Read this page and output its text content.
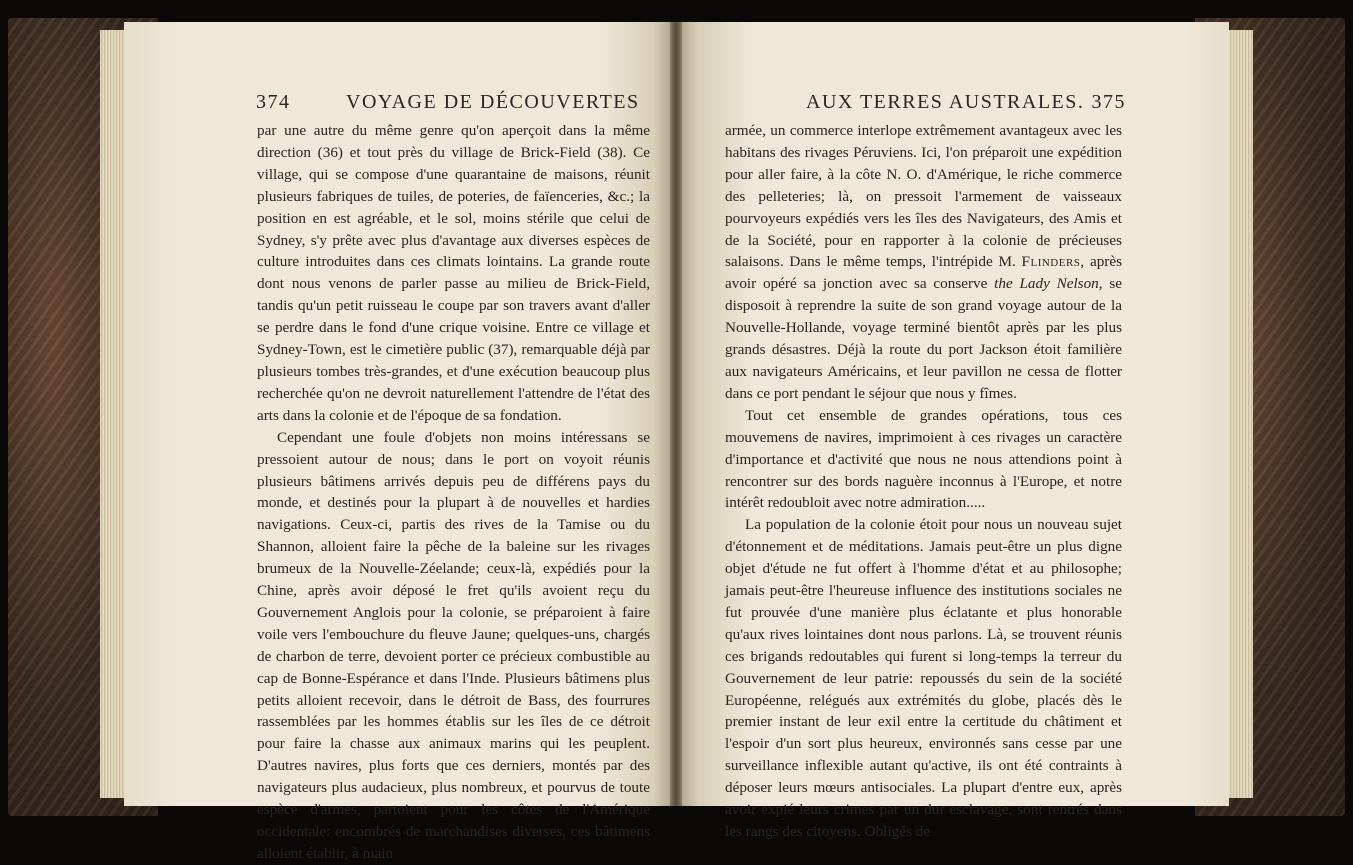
374	VOYAGE DE DÉCOUVERTES

par une autre du même genre qu'on aperçoit dans la même direction (36) et tout près du village de Brick-Field (38). Ce village, qui se compose d'une quarantaine de maisons, réunit plusieurs fabriques de tuiles, de poteries, de faïenceries, &c.; la position en est agréable, et le sol, moins stérile que celui de Sydney, s'y prête avec plus d'avantage aux diverses espèces de culture introduites dans ces climats lointains. La grande route dont nous venons de parler passe au milieu de Brick-Field, tandis qu'un petit ruisseau le coupe par son travers avant d'aller se perdre dans le fond d'une crique voisine. Entre ce village et Sydney-Town, est le cimetière public (37), remarquable déjà par plusieurs tombes très-grandes, et d'une exécution beaucoup plus recherchée qu'on ne devroit naturellement l'attendre de l'état des arts dans la colonie et de l'époque de sa fondation.

Cependant une foule d'objets non moins intéressans se pressoient autour de nous; dans le port on voyoit réunis plusieurs bâtimens arrivés depuis peu de différens pays du monde, et destinés pour la plupart à de nouvelles et hardies navigations. Ceux-ci, partis des rives de la Tamise ou du Shannon, alloient faire la pêche de la baleine sur les rivages brumeux de la Nouvelle-Zéelande; ceux-là, expédiés pour la Chine, après avoir déposé le fret qu'ils avoient reçu du Gouvernement Anglois pour la colonie, se préparoient à faire voile vers l'embouchure du fleuve Jaune; quelques-uns, chargés de charbon de terre, devoient porter ce précieux combustible au cap de Bonne-Espérance et dans l'Inde. Plusieurs bâtimens plus petits alloient recevoir, dans le détroit de Bass, des fourrures rassemblées par les hommes établis sur les îles de ce détroit pour faire la chasse aux animaux marins qui les peuplent. D'autres navires, plus forts que ces derniers, montés par des navigateurs plus audacieux, plus nombreux, et pourvus de toute espèce d'armes, partoient pour les côtes de l'Amérique occidentale: encombrés de marchandises diverses, ces bâtimens alloient établir, à main

AUX TERRES AUSTRALES. 375

armée, un commerce interlope extrêmement avantageux avec les habitans des rivages Péruviens. Ici, l'on préparoit une expédition pour aller faire, à la côte N. O. d'Amérique, le riche commerce des pelleteries; là, on pressoit l'armement de vaisseaux pourvoyeurs expédiés vers les îles des Navigateurs, des Amis et de la Société, pour en rapporter à la colonie de précieuses salaisons. Dans le même temps, l'intrépide M. Flinders, après avoir opéré sa jonction avec sa conserve the Lady Nelson, se disposoit à reprendre la suite de son grand voyage autour de la Nouvelle-Hollande, voyage terminé bientôt après par les plus grands désastres. Déjà la route du port Jackson étoit familière aux navigateurs Américains, et leur pavillon ne cessa de flotter dans ce port pendant le séjour que nous y fîmes.

Tout cet ensemble de grandes opérations, tous ces mouvemens de navires, imprimoient à ces rivages un caractère d'importance et d'activité que nous ne nous attendions point à rencontrer sur des bords naguère inconnus à l'Europe, et notre intérêt redoubloit avec notre admiration.....

La population de la colonie étoit pour nous un nouveau sujet d'étonnement et de méditations. Jamais peut-être un plus digne objet d'étude ne fut offert à l'homme d'état et au philosophe; jamais peut-être l'heureuse influence des institutions sociales ne fut prouvée d'une manière plus éclatante et plus honorable qu'aux rives lointaines dont nous parlons. Là, se trouvent réunis ces brigands redoutables qui furent si long-temps la terreur du Gouvernement de leur patrie: repoussés du sein de la société Européenne, relégués aux extrémités du globe, placés dès le premier instant de leur exil entre la certitude du châtiment et l'espoir d'un sort plus heureux, environnés sans cesse par une surveillance inflexible autant qu'active, ils ont été contraints à déposer leurs mœurs antisociales. La plupart d'entre eux, après avoir expié leurs crimes par un dur esclavage, sont rentrés dans les rangs des citoyens. Obligés de
